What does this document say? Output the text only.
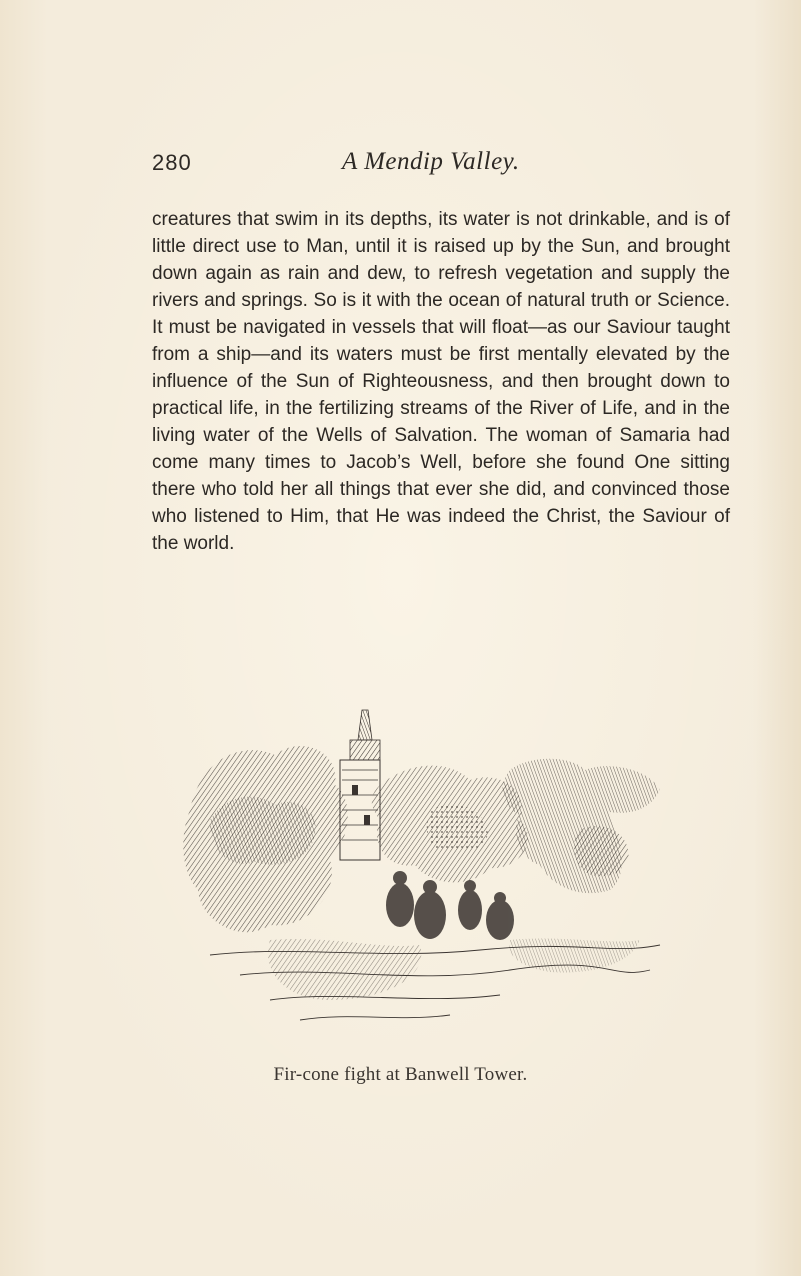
280	A Mendip Valley.

creatures that swim in its depths, its water is not drinkable, and is of little direct use to Man, until it is raised up by the Sun, and brought down again as rain and dew, to refresh vegetation and supply the rivers and springs. So is it with the ocean of natural truth or Science. It must be navigated in vessels that will float—as our Saviour taught from a ship—and its waters must be first mentally elevated by the influence of the Sun of Righteousness, and then brought down to practical life, in the fertilizing streams of the River of Life, and in the living water of the Wells of Salvation. The woman of Samaria had come many times to Jacob’s Well, before she found One sitting there who told her all things that ever she did, and convinced those who listened to Him, that He was indeed the Christ, the Saviour of the world.

Fir-cone fight at Banwell Tower.
